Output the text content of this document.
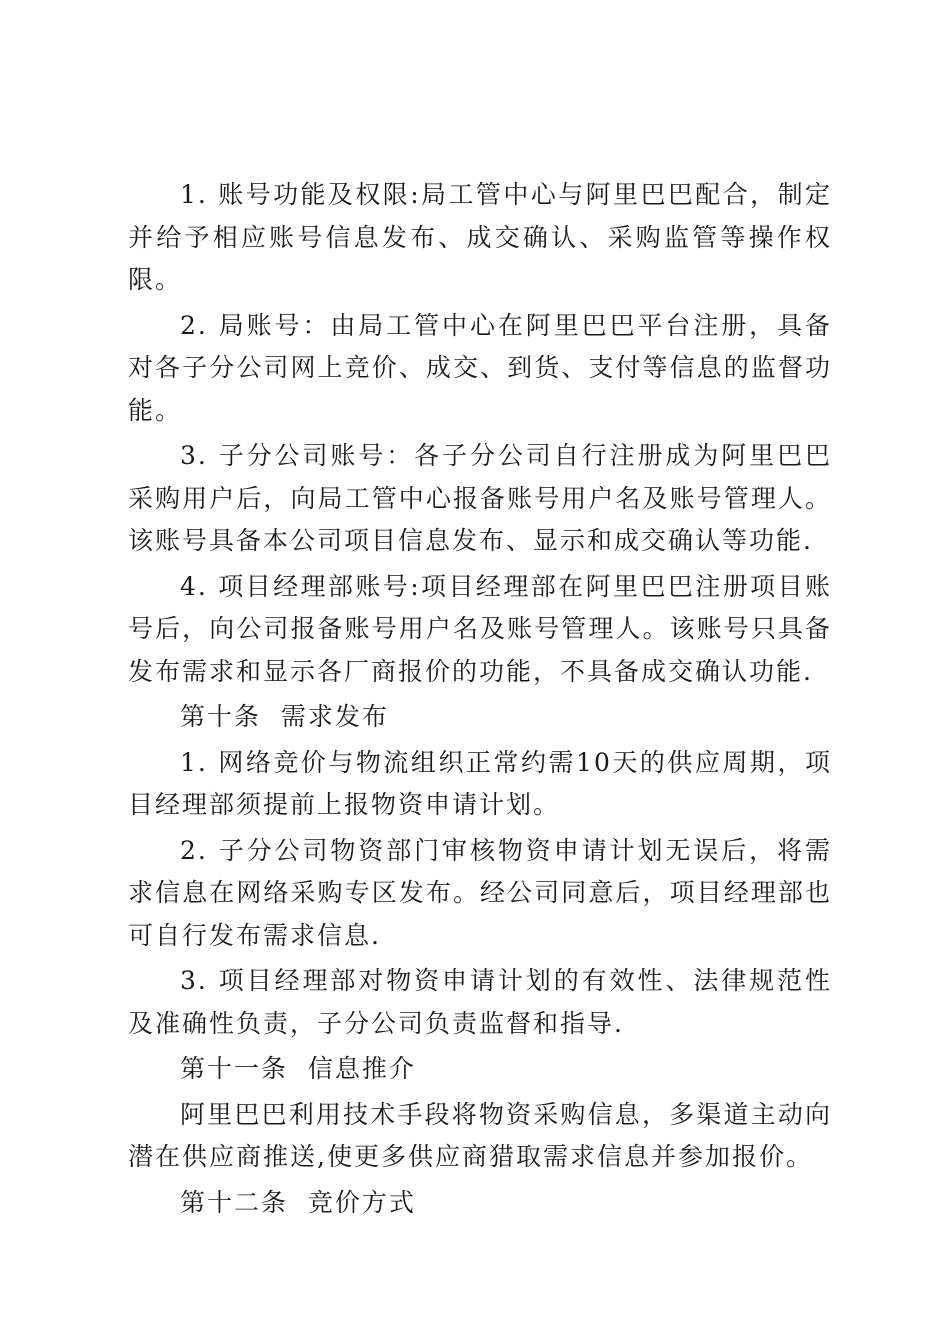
1. 账号功能及权限:局工管中心与阿里巴巴配合，制定并给予相应账号信息发布、成交确认、采购监管等操作权限。

2. 局账号：由局工管中心在阿里巴巴平台注册，具备对各子分公司网上竞价、成交、到货、支付等信息的监督功能。

3. 子分公司账号：各子分公司自行注册成为阿里巴巴采购用户后，向局工管中心报备账号用户名及账号管理人。该账号具备本公司项目信息发布、显示和成交确认等功能.

4. 项目经理部账号:项目经理部在阿里巴巴注册项目账号后，向公司报备账号用户名及账号管理人。该账号只具备发布需求和显示各厂商报价的功能，不具备成交确认功能.

第十条  需求发布

1. 网络竞价与物流组织正常约需10天的供应周期，项目经理部须提前上报物资申请计划。

2. 子分公司物资部门审核物资申请计划无误后，将需求信息在网络采购专区发布。经公司同意后，项目经理部也可自行发布需求信息.

3. 项目经理部对物资申请计划的有效性、法律规范性及准确性负责，子分公司负责监督和指导.

第十一条  信息推介

阿里巴巴利用技术手段将物资采购信息，多渠道主动向潜在供应商推送,使更多供应商猎取需求信息并参加报价。

第十二条  竞价方式
